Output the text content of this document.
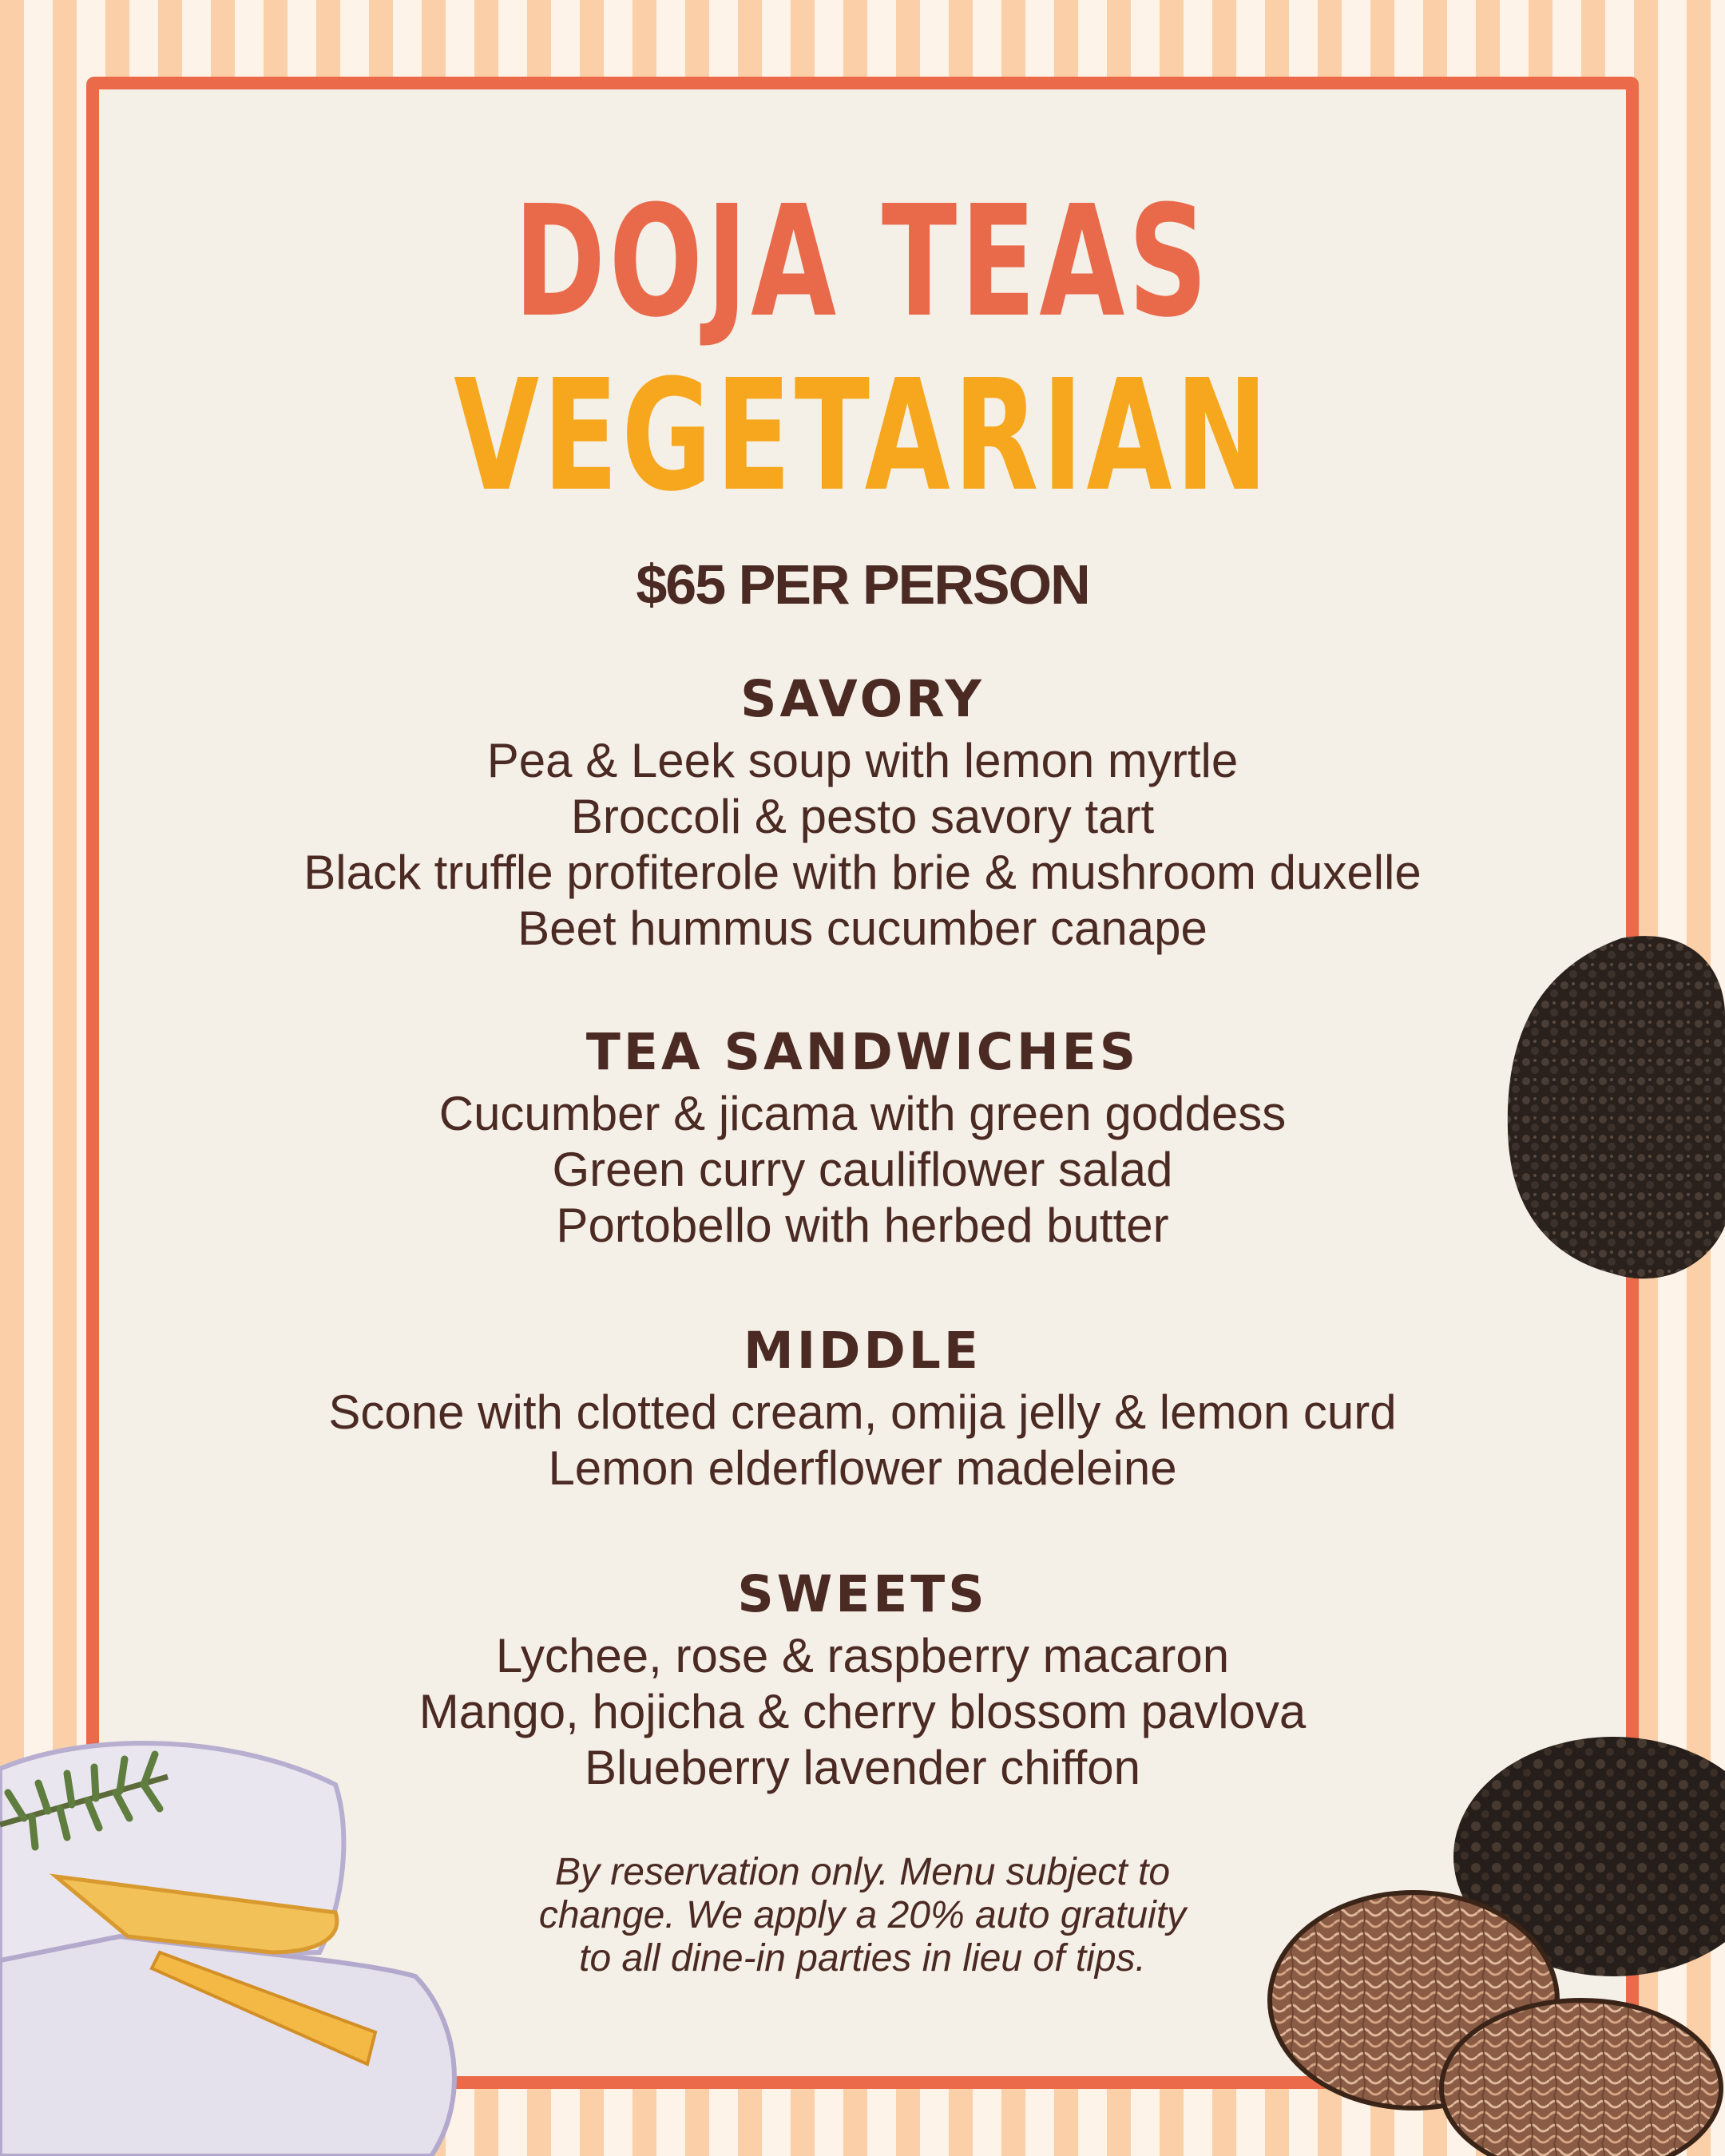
DOJA TEAS
VEGETARIAN
$65 PER PERSON
SAVORY
Pea & Leek soup with lemon myrtle
Broccoli & pesto savory tart
Black truffle profiterole with brie & mushroom duxelle
Beet hummus cucumber canape
TEA SANDWICHES
Cucumber & jicama with green goddess
Green curry cauliflower salad
Portobello with herbed butter
MIDDLE
Scone with clotted cream, omija jelly & lemon curd
Lemon elderflower madeleine
SWEETS
Lychee, rose & raspberry macaron
Mango, hojicha & cherry blossom pavlova
Blueberry lavender chiffon
By reservation only. Menu subject to
change. We apply a 20% auto gratuity
to all dine-in parties in lieu of tips.
